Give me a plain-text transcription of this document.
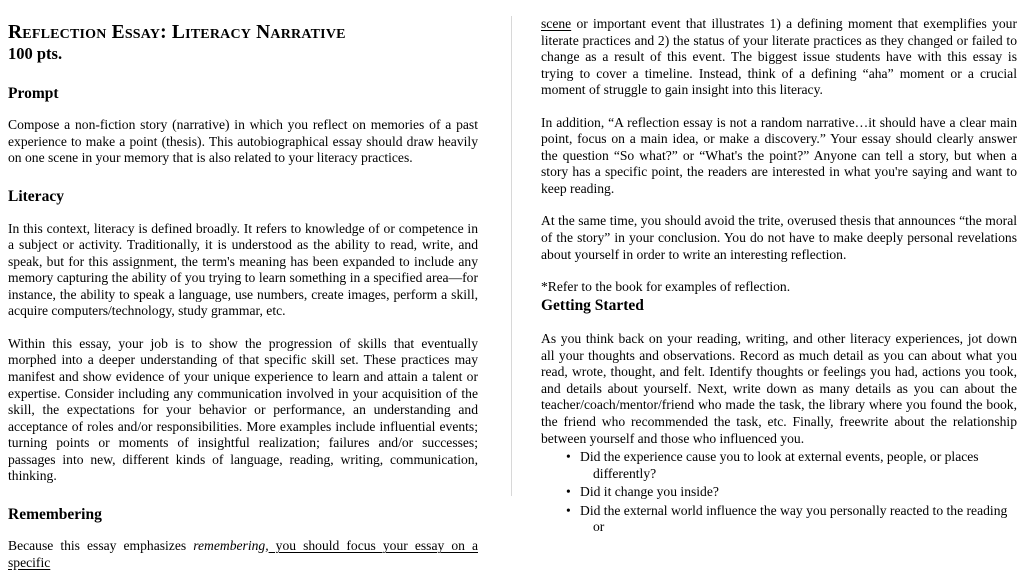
Reflection Essay: Literacy Narrative
100 pts.
Prompt

Compose a non-fiction story (narrative) in which you reflect on memories of a past experience to make a point (thesis). This autobiographical essay should draw heavily on one scene in your memory that is also related to your literacy practices.

Literacy

In this context, literacy is defined broadly. It refers to knowledge of or competence in a subject or activity. Traditionally, it is understood as the ability to read, write, and speak, but for this assignment, the term's meaning has been expanded to include any memory capturing the ability of you trying to learn something in a specified area—for instance, the ability to speak a language, use numbers, create images, perform a skill, acquire computers/technology, study grammar, etc.

Within this essay, your job is to show the progression of skills that eventually morphed into a deeper understanding of that specific skill set. These practices may manifest and show evidence of your unique experience to learn and attain a talent or expertise. Consider including any communication involved in your acquisition of the skill, the expectations for your behavior or performance, an understanding and acceptance of roles and/or responsibilities. More examples include influential events; turning points or moments of insightful realization; failures and/or successes; passages into new, different kinds of language, reading, writing, communication, thinking.

Remembering

Because this essay emphasizes remembering, you should focus your essay on a specific

scene or important event that illustrates 1) a defining moment that exemplifies your literate practices and 2) the status of your literate practices as they changed or failed to change as a result of this event. The biggest issue students have with this essay is trying to cover a timeline. Instead, think of a defining “aha” moment or a crucial moment of struggle to gain insight into this literacy.

In addition, “A reflection essay is not a random narrative…it should have a clear main point, focus on a main idea, or make a discovery.” Your essay should clearly answer the question “So what?” or “What's the point?” Anyone can tell a story, but when a story has a specific point, the readers are interested in what you're saying and want to keep reading.

At the same time, you should avoid the trite, overused thesis that announces “the moral of the story” in your conclusion. You do not have to make deeply personal revelations about yourself in order to write an interesting reflection.

*Refer to the book for examples of reflection.

Getting Started

As you think back on your reading, writing, and other literacy experiences, jot down all your thoughts and observations. Record as much detail as you can about what you read, wrote, thought, and felt. Identify thoughts or feelings you had, actions you took, and details about yourself. Next, write down as many details as you can about the teacher/coach/mentor/friend who made the task, the library where you found the book, the friend who recommended the task, etc. Finally, freewrite about the relationship between yourself and those who influenced you.

• Did the experience cause you to look at external events, people, or places differently?
• Did it change you inside?
• Did the external world influence the way you personally reacted to the reading or
